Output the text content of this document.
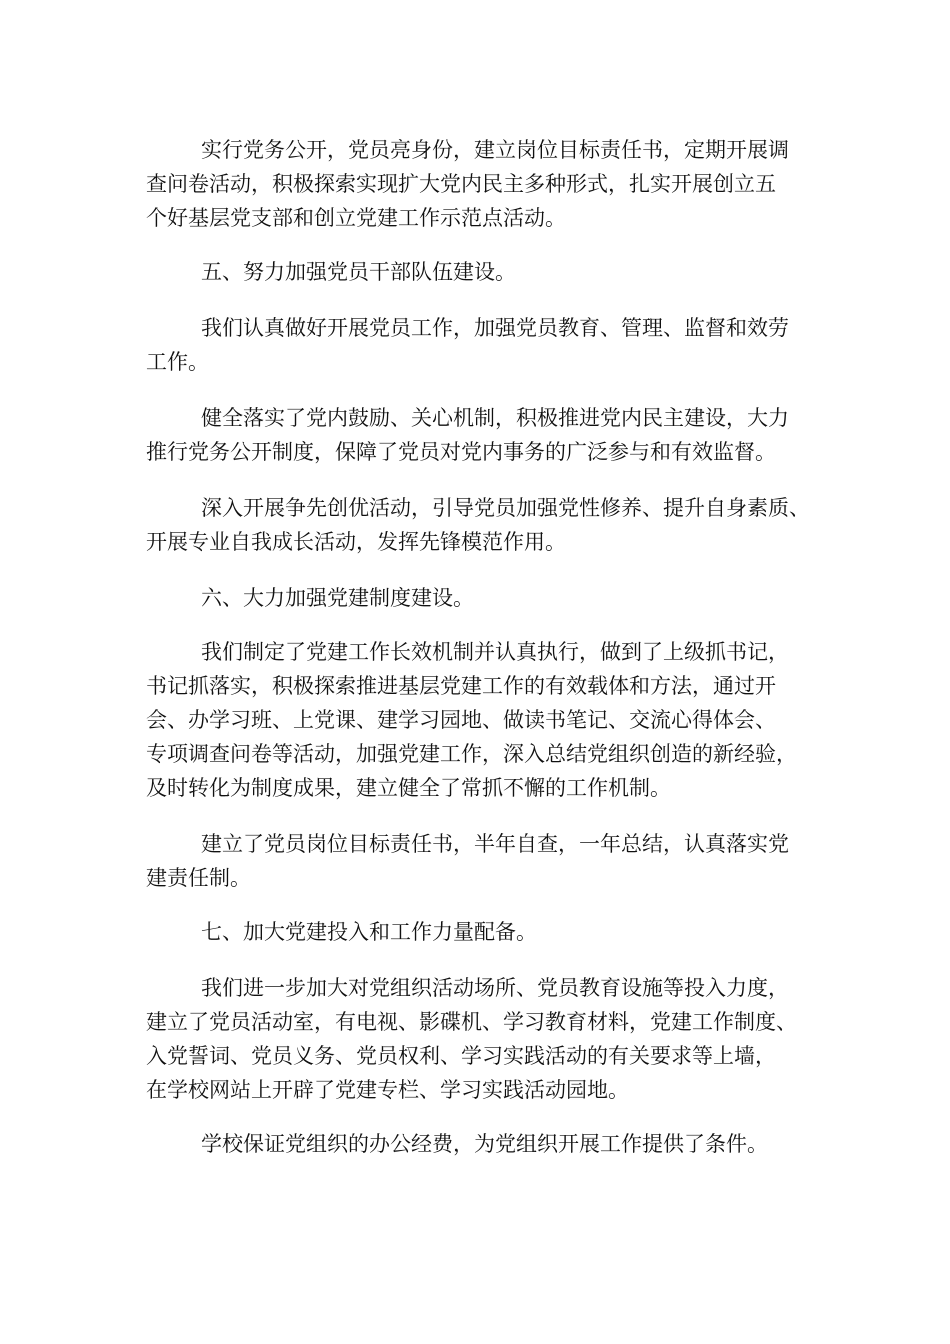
实行党务公开，党员亮身份，建立岗位目标责任书，定期开展调
查问卷活动，积极探索实现扩大党内民主多种形式，扎实开展创立五
个好基层党支部和创立党建工作示范点活动。
五、努力加强党员干部队伍建设。
我们认真做好开展党员工作，加强党员教育、管理、监督和效劳
工作。
健全落实了党内鼓励、关心机制，积极推进党内民主建设，大力
推行党务公开制度，保障了党员对党内事务的广泛参与和有效监督。
深入开展争先创优活动，引导党员加强党性修养、提升自身素质、
开展专业自我成长活动，发挥先锋模范作用。
六、大力加强党建制度建设。
我们制定了党建工作长效机制并认真执行，做到了上级抓书记，
书记抓落实，积极探索推进基层党建工作的有效载体和方法，通过开
会、办学习班、上党课、建学习园地、做读书笔记、交流心得体会、
专项调查问卷等活动，加强党建工作，深入总结党组织创造的新经验，
及时转化为制度成果，建立健全了常抓不懈的工作机制。
建立了党员岗位目标责任书，半年自查，一年总结，认真落实党
建责任制。
七、加大党建投入和工作力量配备。
我们进一步加大对党组织活动场所、党员教育设施等投入力度，
建立了党员活动室，有电视、影碟机、学习教育材料，党建工作制度、
入党誓词、党员义务、党员权利、学习实践活动的有关要求等上墙，
在学校网站上开辟了党建专栏、学习实践活动园地。
学校保证党组织的办公经费，为党组织开展工作提供了条件。
